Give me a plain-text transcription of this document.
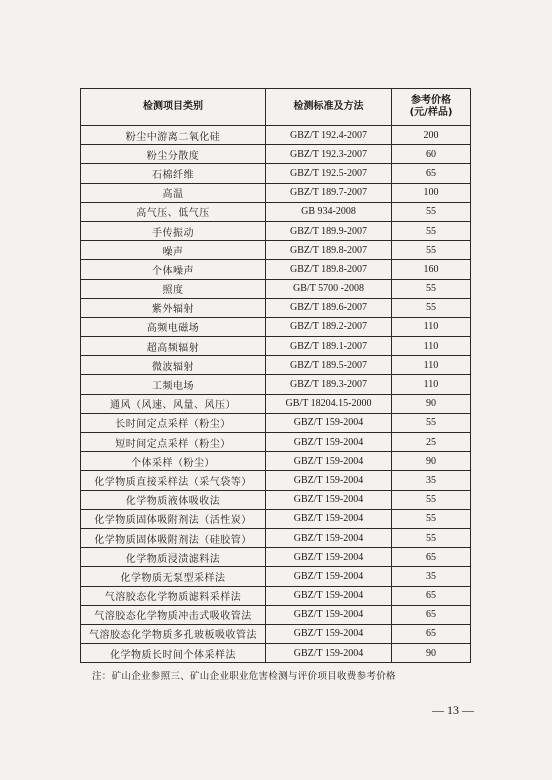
检测项目类别	检测标准及方法	参考价格
(元/样品)

粉尘中游离二氧化硅	GBZ/T 192.4-2007	200
粉尘分散度	GBZ/T 192.3-2007	60
石棉纤维	GBZ/T 192.5-2007	65
高温	GBZ/T 189.7-2007	100
高气压、低气压	GB 934-2008	55
手传振动	GBZ/T 189.9-2007	55
噪声	GBZ/T 189.8-2007	55
个体噪声	GBZ/T 189.8-2007	160
照度	GB/T 5700 -2008	55
紫外辐射	GBZ/T 189.6-2007	55
高频电磁场	GBZ/T 189.2-2007	110
超高频辐射	GBZ/T 189.1-2007	110
微波辐射	GBZ/T 189.5-2007	110
工频电场	GBZ/T 189.3-2007	110
通风（风速、风量、风压）	GB/T 18204.15-2000	90
长时间定点采样（粉尘）	GBZ/T 159-2004	55
短时间定点采样（粉尘）	GBZ/T 159-2004	25
个体采样（粉尘）	GBZ/T 159-2004	90
化学物质直接采样法（采气袋等）	GBZ/T 159-2004	35
化学物质液体吸收法	GBZ/T 159-2004	55
化学物质固体吸附剂法（活性炭）	GBZ/T 159-2004	55
化学物质固体吸附剂法（硅胶管）	GBZ/T 159-2004	55
化学物质浸渍滤料法	GBZ/T 159-2004	65
化学物质无泵型采样法	GBZ/T 159-2004	35
气溶胶态化学物质滤料采样法	GBZ/T 159-2004	65
气溶胶态化学物质冲击式吸收管法	GBZ/T 159-2004	65
气溶胶态化学物质多孔玻板吸收管法	GBZ/T 159-2004	65
化学物质长时间个体采样法	GBZ/T 159-2004	90
注：矿山企业参照三、矿山企业职业危害检测与评价项目收费参考价格
— 13 —
